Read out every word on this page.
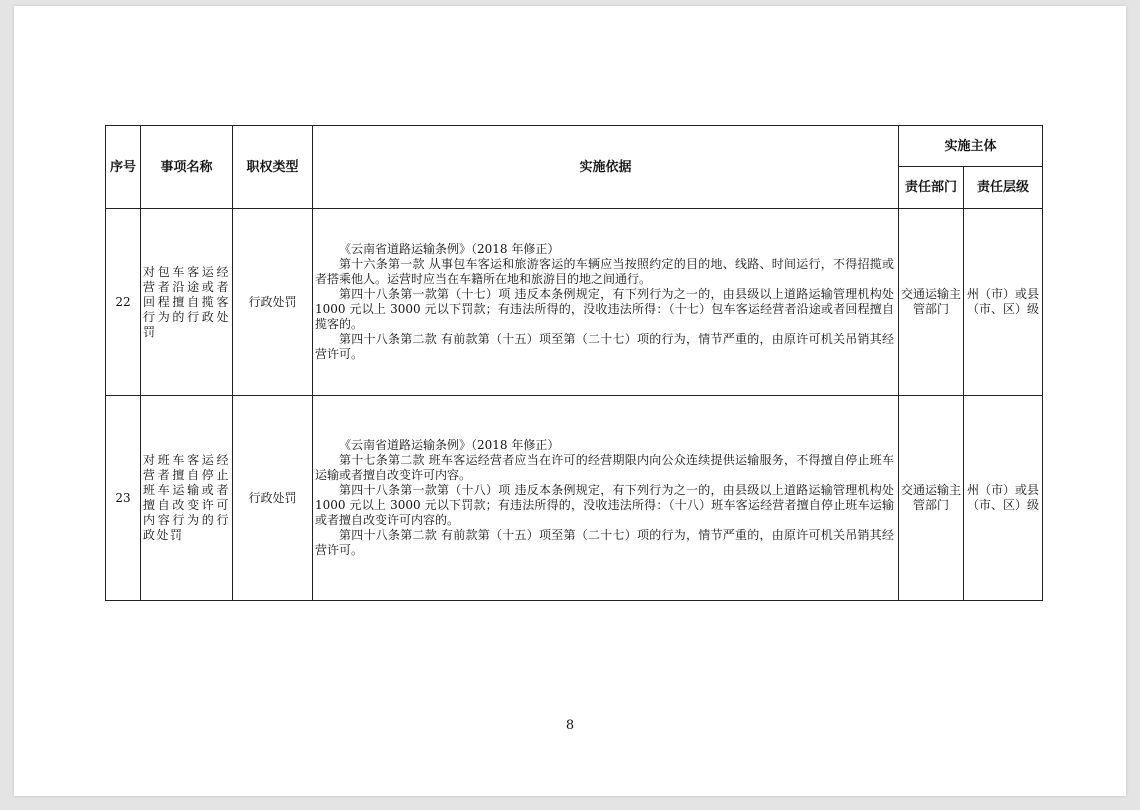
序号	事项名称	职权类型	实施依据	实施主体	
				责任部门	责任层级
22	对包车客运经营者沿途或者回程擅自揽客行为的行政处罚	行政处罚	《云南省道路运输条例》（2018 年修正）

第十六条第一款 从事包车客运和旅游客运的车辆应当按照约定的目的地、线路、时间运行，不得招揽或者搭乘他人。运营时应当在车籍所在地和旅游目的地之间通行。

第四十八条第一款第（十七）项 违反本条例规定，有下列行为之一的，由县级以上道路运输管理机构处 1000 元以上 3000 元以下罚款；有违法所得的，没收违法所得：（十七）包车客运经营者沿途或者回程擅自揽客的。

第四十八条第二款 有前款第（十五）项至第（二十七）项的行为，情节严重的，由原许可机关吊销其经营许可。	交通运输主管部门	州（市）或县（市、区）级
23	对班车客运经营者擅自停止班车运输或者擅自改变许可内容行为的行政处罚	行政处罚	《云南省道路运输条例》（2018 年修正）

第十七条第二款 班车客运经营者应当在许可的经营期限内向公众连续提供运输服务，不得擅自停止班车运输或者擅自改变许可内容。

第四十八条第一款第（十八）项 违反本条例规定，有下列行为之一的，由县级以上道路运输管理机构处 1000 元以上 3000 元以下罚款；有违法所得的，没收违法所得：（十八）班车客运经营者擅自停止班车运输或者擅自改变许可内容的。

第四十八条第二款 有前款第（十五）项至第（二十七）项的行为，情节严重的，由原许可机关吊销其经营许可。	交通运输主管部门	州（市）或县（市、区）级
8
